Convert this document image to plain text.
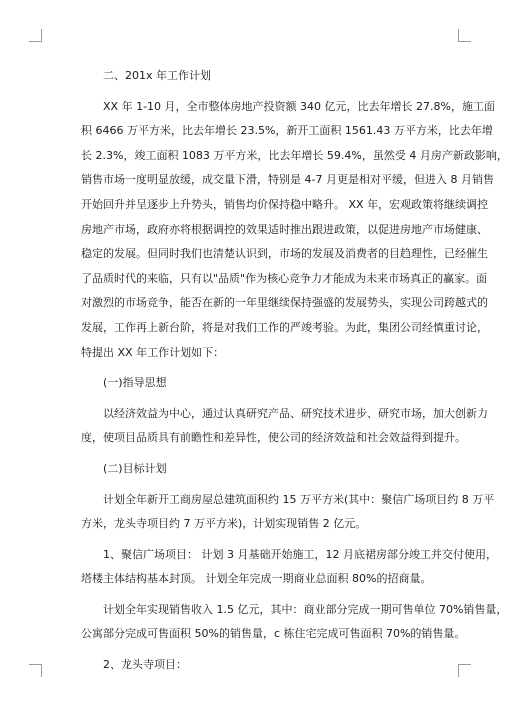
二、201x 年工作计划
XX 年 1-10 月，全市整体房地产投资额 340 亿元，比去年增长 27.8%，施工面
积 6466 万平方米，比去年增长 23.5%，新开工面积 1561.43 万平方米，比去年增
长 2.3%，竣工面积 1083 万平方米，比去年增长 59.4%，虽然受 4 月房产新政影响，
销售市场一度明显放缓，成交量下滑，特别是 4-7 月更是相对平缓，但进入 8 月销售
开始回升并呈逐步上升势头，销售均价保持稳中略升。 XX 年，宏观政策将继续调控
房地产市场，政府亦将根据调控的效果适时推出跟进政策，以促进房地产市场健康、
稳定的发展。但同时我们也清楚认识到，市场的发展及消费者的目趋理性，已经催生
了品质时代的来临，只有以"品质"作为核心竞争力才能成为未来市场真正的赢家。面
对激烈的市场竞争，能否在新的一年里继续保持强盛的发展势头，实现公司跨越式的
发展，工作再上新台阶，将是对我们工作的严竣考验。为此，集团公司经慎重讨论，
特提出 XX 年工作计划如下：
(一)指导思想
以经济效益为中心，通过认真研究产品、研究技术进步、研究市场，加大创新力
度，使项目品质具有前瞻性和差异性，使公司的经济效益和社会效益得到提升。
(二)目标计划
计划全年新开工商房屋总建筑面积约 15 万平方米(其中：聚信广场项目约 8 万平
方米，龙头寺项目约 7 万平方米)，计划实现销售 2 亿元。
1、聚信广场项目： 计划 3 月基础开始施工，12 月底裙房部分竣工并交付使用，
塔楼主体结构基本封顶。 计划全年完成一期商业总面积 80%的招商量。
计划全年实现销售收入 1.5 亿元，其中：商业部分完成一期可售单位 70%销售量，
公寓部分完成可售面积 50%的销售量，c 栋住宅完成可售面积 70%的销售量。
2、龙头寺项目：
